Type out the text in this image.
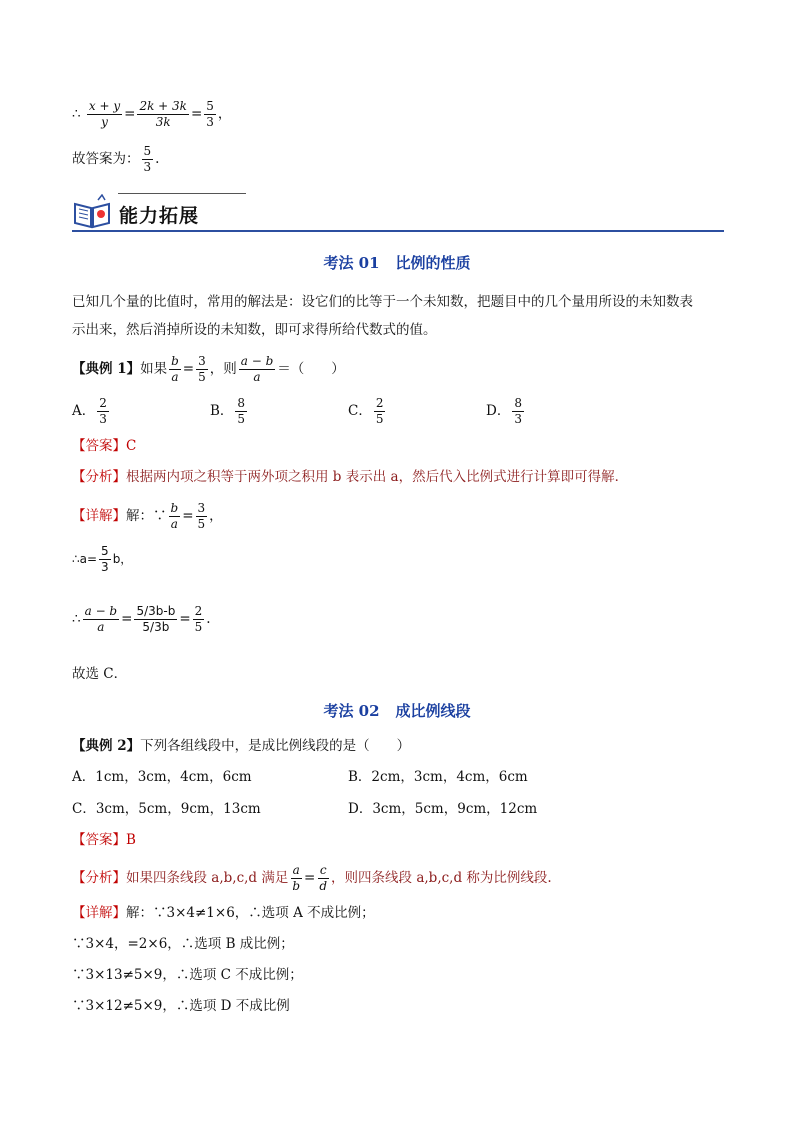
∴ $\frac{x + y}{y} = \frac{2k + 3k}{3k} = \frac{5}{3}$ ，
故答案为： $\frac{5}{3}$ .
能力拓展
考法 01 比例的性质
已知几个量的比值时，常用的解法是：设它们的比等于一个未知数，把题目中的几个量用所设的未知数表
示出来，然后消掉所设的未知数，即可求得所给代数式的值。
【典例 1】如果 $\frac{b}{a} = \frac{3}{5}$ ，则 $\frac{a - b}{a}$ ＝（　　）
A． $\frac{2}{3}$	B． $\frac{8}{5}$	C． $\frac{2}{5}$	D． $\frac{8}{3}$
【答案】C
【分析】根据两内项之积等于两外项之积用 b 表示出 a，然后代入比例式进行计算即可得解．
【详解】解：∵ $\frac{b}{a} = \frac{3}{5}$ ，
∴a= $\frac{5}{3}$ b，
∴ $\frac{a - b}{a} = \frac{5/3b-b}{5/3b} = \frac{2}{5}$ .
故选 C．
考法 02 成比例线段
【典例 2】下列各组线段中，是成比例线段的是（　　）
A．1cm，3cm，4cm，6cm	B．2cm，3cm，4cm，6cm
C．3cm，5cm，9cm，13cm	D．3cm，5cm，9cm，12cm
【答案】B
【分析】如果四条线段 a,b,c,d 满足 $\frac{a}{b} = \frac{c}{d}$ ，则四条线段 a,b,c,d 称为比例线段.
【详解】解：∵3×4≠1×6，∴选项 A 不成比例；
∵3×4，=2×6，∴选项 B 成比例；
∵3×13≠5×9，∴选项 C 不成比例；
∵3×12≠5×9，∴选项 D 不成比例
